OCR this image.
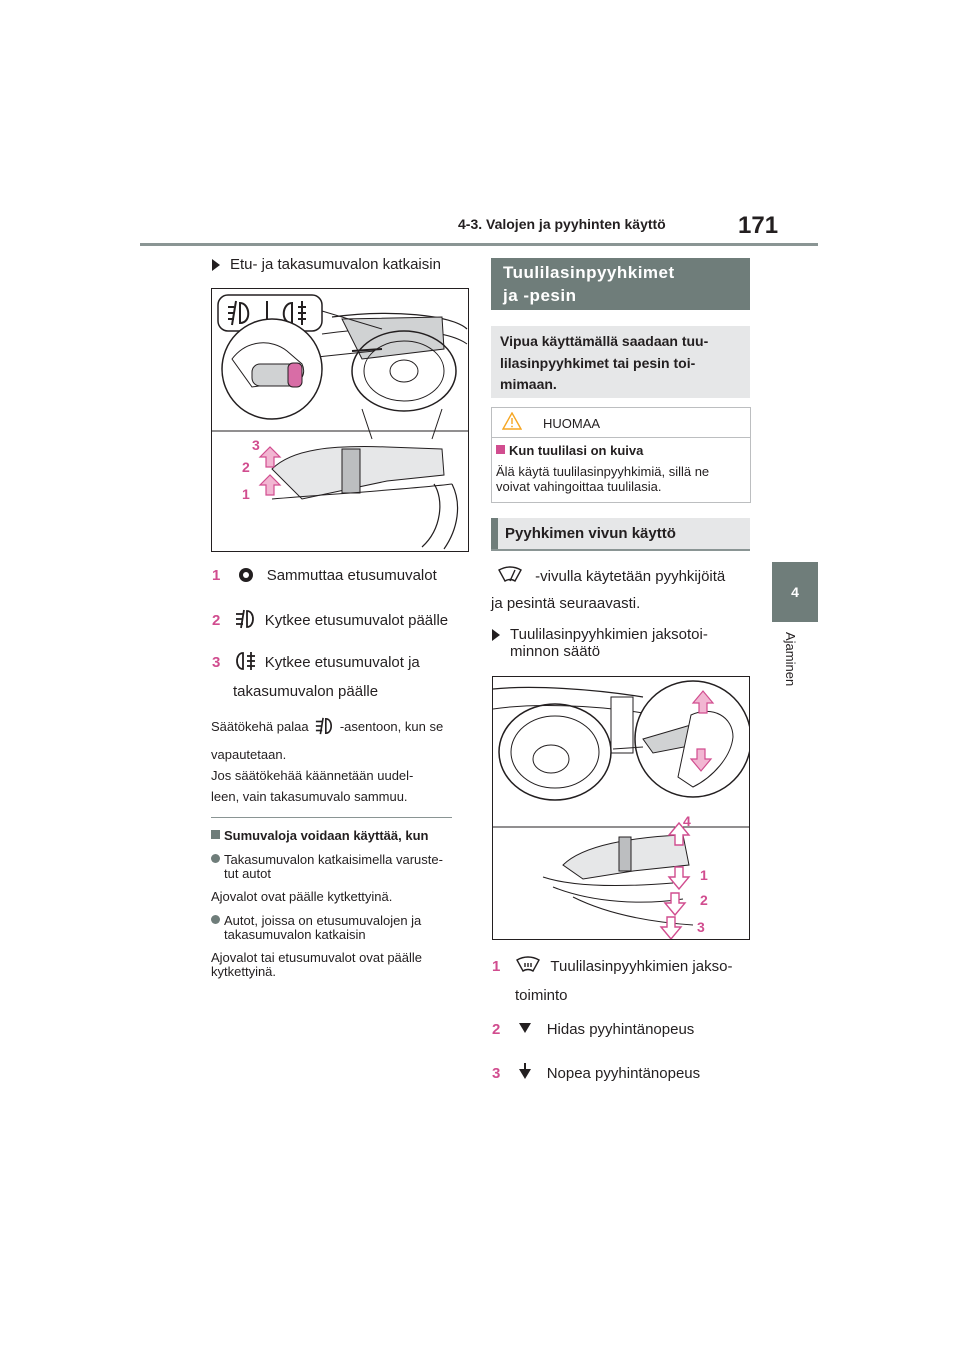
4-3. Valojen ja pyyhinten käyttö	171
4
Ajaminen
Etu- ja takasumuvalon katkaisin
3
2
1
1	Sammuttaa etusumuvalot
2	Kytkee etusumuvalot päälle
3	Kytkee etusumuvalot ja
takasumuvalon päälle
Säätökehä palaa -asentoon, kun se
vapautetaan.
Jos säätökehää käännetään uudel-
leen, vain takasumuvalo sammuu.
Sumuvaloja voidaan käyttää, kun
Takasumuvalon katkaisimella varuste-
tut autot
Ajovalot ovat päälle kytkettyinä.
Autot, joissa on etusumuvalojen ja
takasumuvalon katkaisin
Ajovalot tai etusumuvalot ovat päälle
kytkettyinä.
Tuulilasinpyyhkimet
ja -pesin
Vipua käyttämällä saadaan tuu-
lilasinpyyhkimet tai pesin toi-
mimaan.
HUOMAA
Kun tuulilasi on kuiva
Älä käytä tuulilasinpyyhkimiä, sillä ne
voivat vahingoittaa tuulilasia.
Pyyhkimen vivun käyttö
-vivulla käytetään pyyhkijöitä
ja pesintä seuraavasti.
Tuulilasinpyyhkimien jaksotoi-
minnon säätö
4
1
2
3
1	Tuulilasinpyyhkimien jakso-
toiminto
2	Hidas pyyhintänopeus
3	Nopea pyyhintänopeus
